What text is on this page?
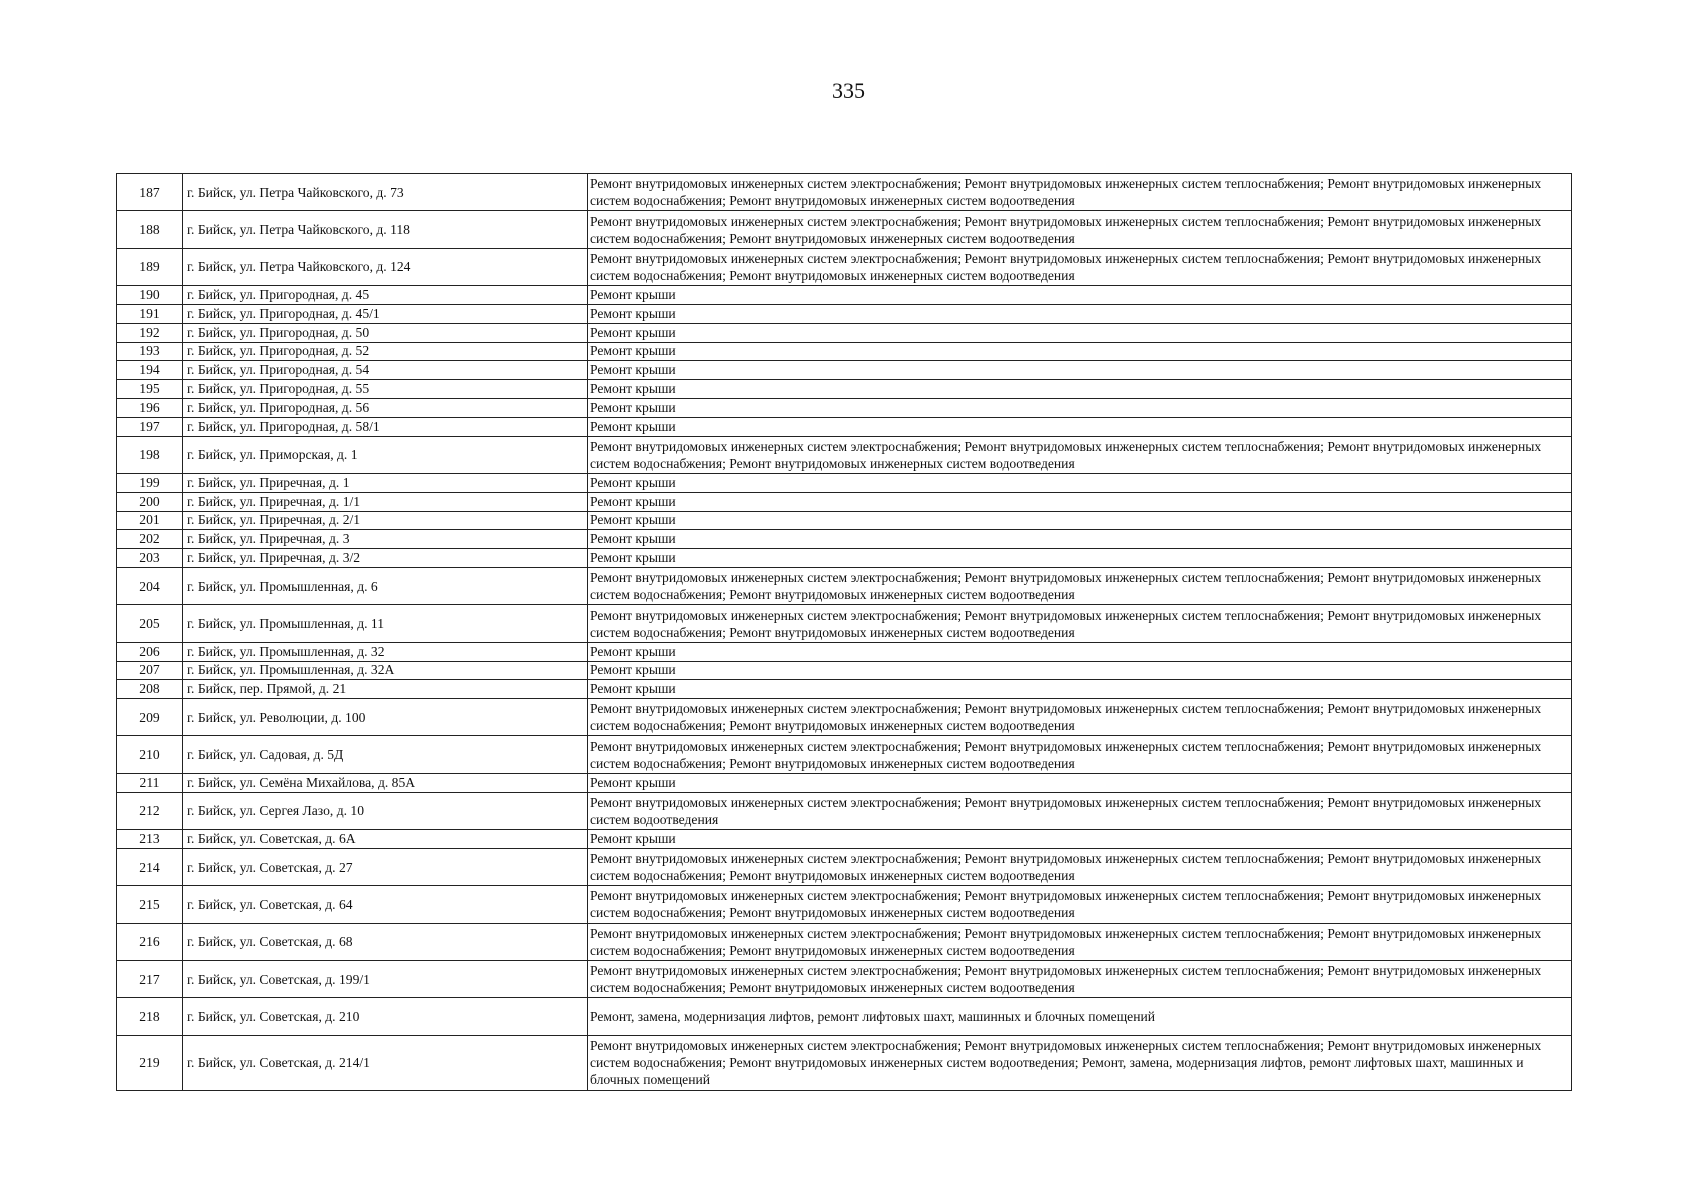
335
187	г. Бийск, ул. Петра Чайковского, д. 73	Ремонт внутридомовых инженерных систем электроснабжения; Ремонт внутридомовых инженерных систем теплоснабжения; Ремонт внутридомовых инженерных систем водоснабжения; Ремонт внутридомовых инженерных систем водоотведения
188	г. Бийск, ул. Петра Чайковского, д. 118	Ремонт внутридомовых инженерных систем электроснабжения; Ремонт внутридомовых инженерных систем теплоснабжения; Ремонт внутридомовых инженерных систем водоснабжения; Ремонт внутридомовых инженерных систем водоотведения
189	г. Бийск, ул. Петра Чайковского, д. 124	Ремонт внутридомовых инженерных систем электроснабжения; Ремонт внутридомовых инженерных систем теплоснабжения; Ремонт внутридомовых инженерных систем водоснабжения; Ремонт внутридомовых инженерных систем водоотведения
190	г. Бийск, ул. Пригородная, д. 45	Ремонт крыши
191	г. Бийск, ул. Пригородная, д. 45/1	Ремонт крыши
192	г. Бийск, ул. Пригородная, д. 50	Ремонт крыши
193	г. Бийск, ул. Пригородная, д. 52	Ремонт крыши
194	г. Бийск, ул. Пригородная, д. 54	Ремонт крыши
195	г. Бийск, ул. Пригородная, д. 55	Ремонт крыши
196	г. Бийск, ул. Пригородная, д. 56	Ремонт крыши
197	г. Бийск, ул. Пригородная, д. 58/1	Ремонт крыши
198	г. Бийск, ул. Приморская, д. 1	Ремонт внутридомовых инженерных систем электроснабжения; Ремонт внутридомовых инженерных систем теплоснабжения; Ремонт внутридомовых инженерных систем водоснабжения; Ремонт внутридомовых инженерных систем водоотведения
199	г. Бийск, ул. Приречная, д. 1	Ремонт крыши
200	г. Бийск, ул. Приречная, д. 1/1	Ремонт крыши
201	г. Бийск, ул. Приречная, д. 2/1	Ремонт крыши
202	г. Бийск, ул. Приречная, д. 3	Ремонт крыши
203	г. Бийск, ул. Приречная, д. 3/2	Ремонт крыши
204	г. Бийск, ул. Промышленная, д. 6	Ремонт внутридомовых инженерных систем электроснабжения; Ремонт внутридомовых инженерных систем теплоснабжения; Ремонт внутридомовых инженерных систем водоснабжения; Ремонт внутридомовых инженерных систем водоотведения
205	г. Бийск, ул. Промышленная, д. 11	Ремонт внутридомовых инженерных систем электроснабжения; Ремонт внутридомовых инженерных систем теплоснабжения; Ремонт внутридомовых инженерных систем водоснабжения; Ремонт внутридомовых инженерных систем водоотведения
206	г. Бийск, ул. Промышленная, д. 32	Ремонт крыши
207	г. Бийск, ул. Промышленная, д. 32А	Ремонт крыши
208	г. Бийск, пер. Прямой, д. 21	Ремонт крыши
209	г. Бийск, ул. Революции, д. 100	Ремонт внутридомовых инженерных систем электроснабжения; Ремонт внутридомовых инженерных систем теплоснабжения; Ремонт внутридомовых инженерных систем водоснабжения; Ремонт внутридомовых инженерных систем водоотведения
210	г. Бийск, ул. Садовая, д. 5Д	Ремонт внутридомовых инженерных систем электроснабжения; Ремонт внутридомовых инженерных систем теплоснабжения; Ремонт внутридомовых инженерных систем водоснабжения; Ремонт внутридомовых инженерных систем водоотведения
211	г. Бийск, ул. Семёна Михайлова, д. 85А	Ремонт крыши
212	г. Бийск, ул. Сергея Лазо, д. 10	Ремонт внутридомовых инженерных систем электроснабжения; Ремонт внутридомовых инженерных систем теплоснабжения; Ремонт внутридомовых инженерных систем водоотведения
213	г. Бийск, ул. Советская, д. 6А	Ремонт крыши
214	г. Бийск, ул. Советская, д. 27	Ремонт внутридомовых инженерных систем электроснабжения; Ремонт внутридомовых инженерных систем теплоснабжения; Ремонт внутридомовых инженерных систем водоснабжения; Ремонт внутридомовых инженерных систем водоотведения
215	г. Бийск, ул. Советская, д. 64	Ремонт внутридомовых инженерных систем электроснабжения; Ремонт внутридомовых инженерных систем теплоснабжения; Ремонт внутридомовых инженерных систем водоснабжения; Ремонт внутридомовых инженерных систем водоотведения
216	г. Бийск, ул. Советская, д. 68	Ремонт внутридомовых инженерных систем электроснабжения; Ремонт внутридомовых инженерных систем теплоснабжения; Ремонт внутридомовых инженерных систем водоснабжения; Ремонт внутридомовых инженерных систем водоотведения
217	г. Бийск, ул. Советская, д. 199/1	Ремонт внутридомовых инженерных систем электроснабжения; Ремонт внутридомовых инженерных систем теплоснабжения; Ремонт внутридомовых инженерных систем водоснабжения; Ремонт внутридомовых инженерных систем водоотведения
218	г. Бийск, ул. Советская, д. 210	Ремонт, замена, модернизация лифтов, ремонт лифтовых шахт, машинных и блочных помещений
219	г. Бийск, ул. Советская, д. 214/1	Ремонт внутридомовых инженерных систем электроснабжения; Ремонт внутридомовых инженерных систем теплоснабжения; Ремонт внутридомовых инженерных систем водоснабжения; Ремонт внутридомовых инженерных систем водоотведения; Ремонт, замена, модернизация лифтов, ремонт лифтовых шахт, машинных и блочных помещений
